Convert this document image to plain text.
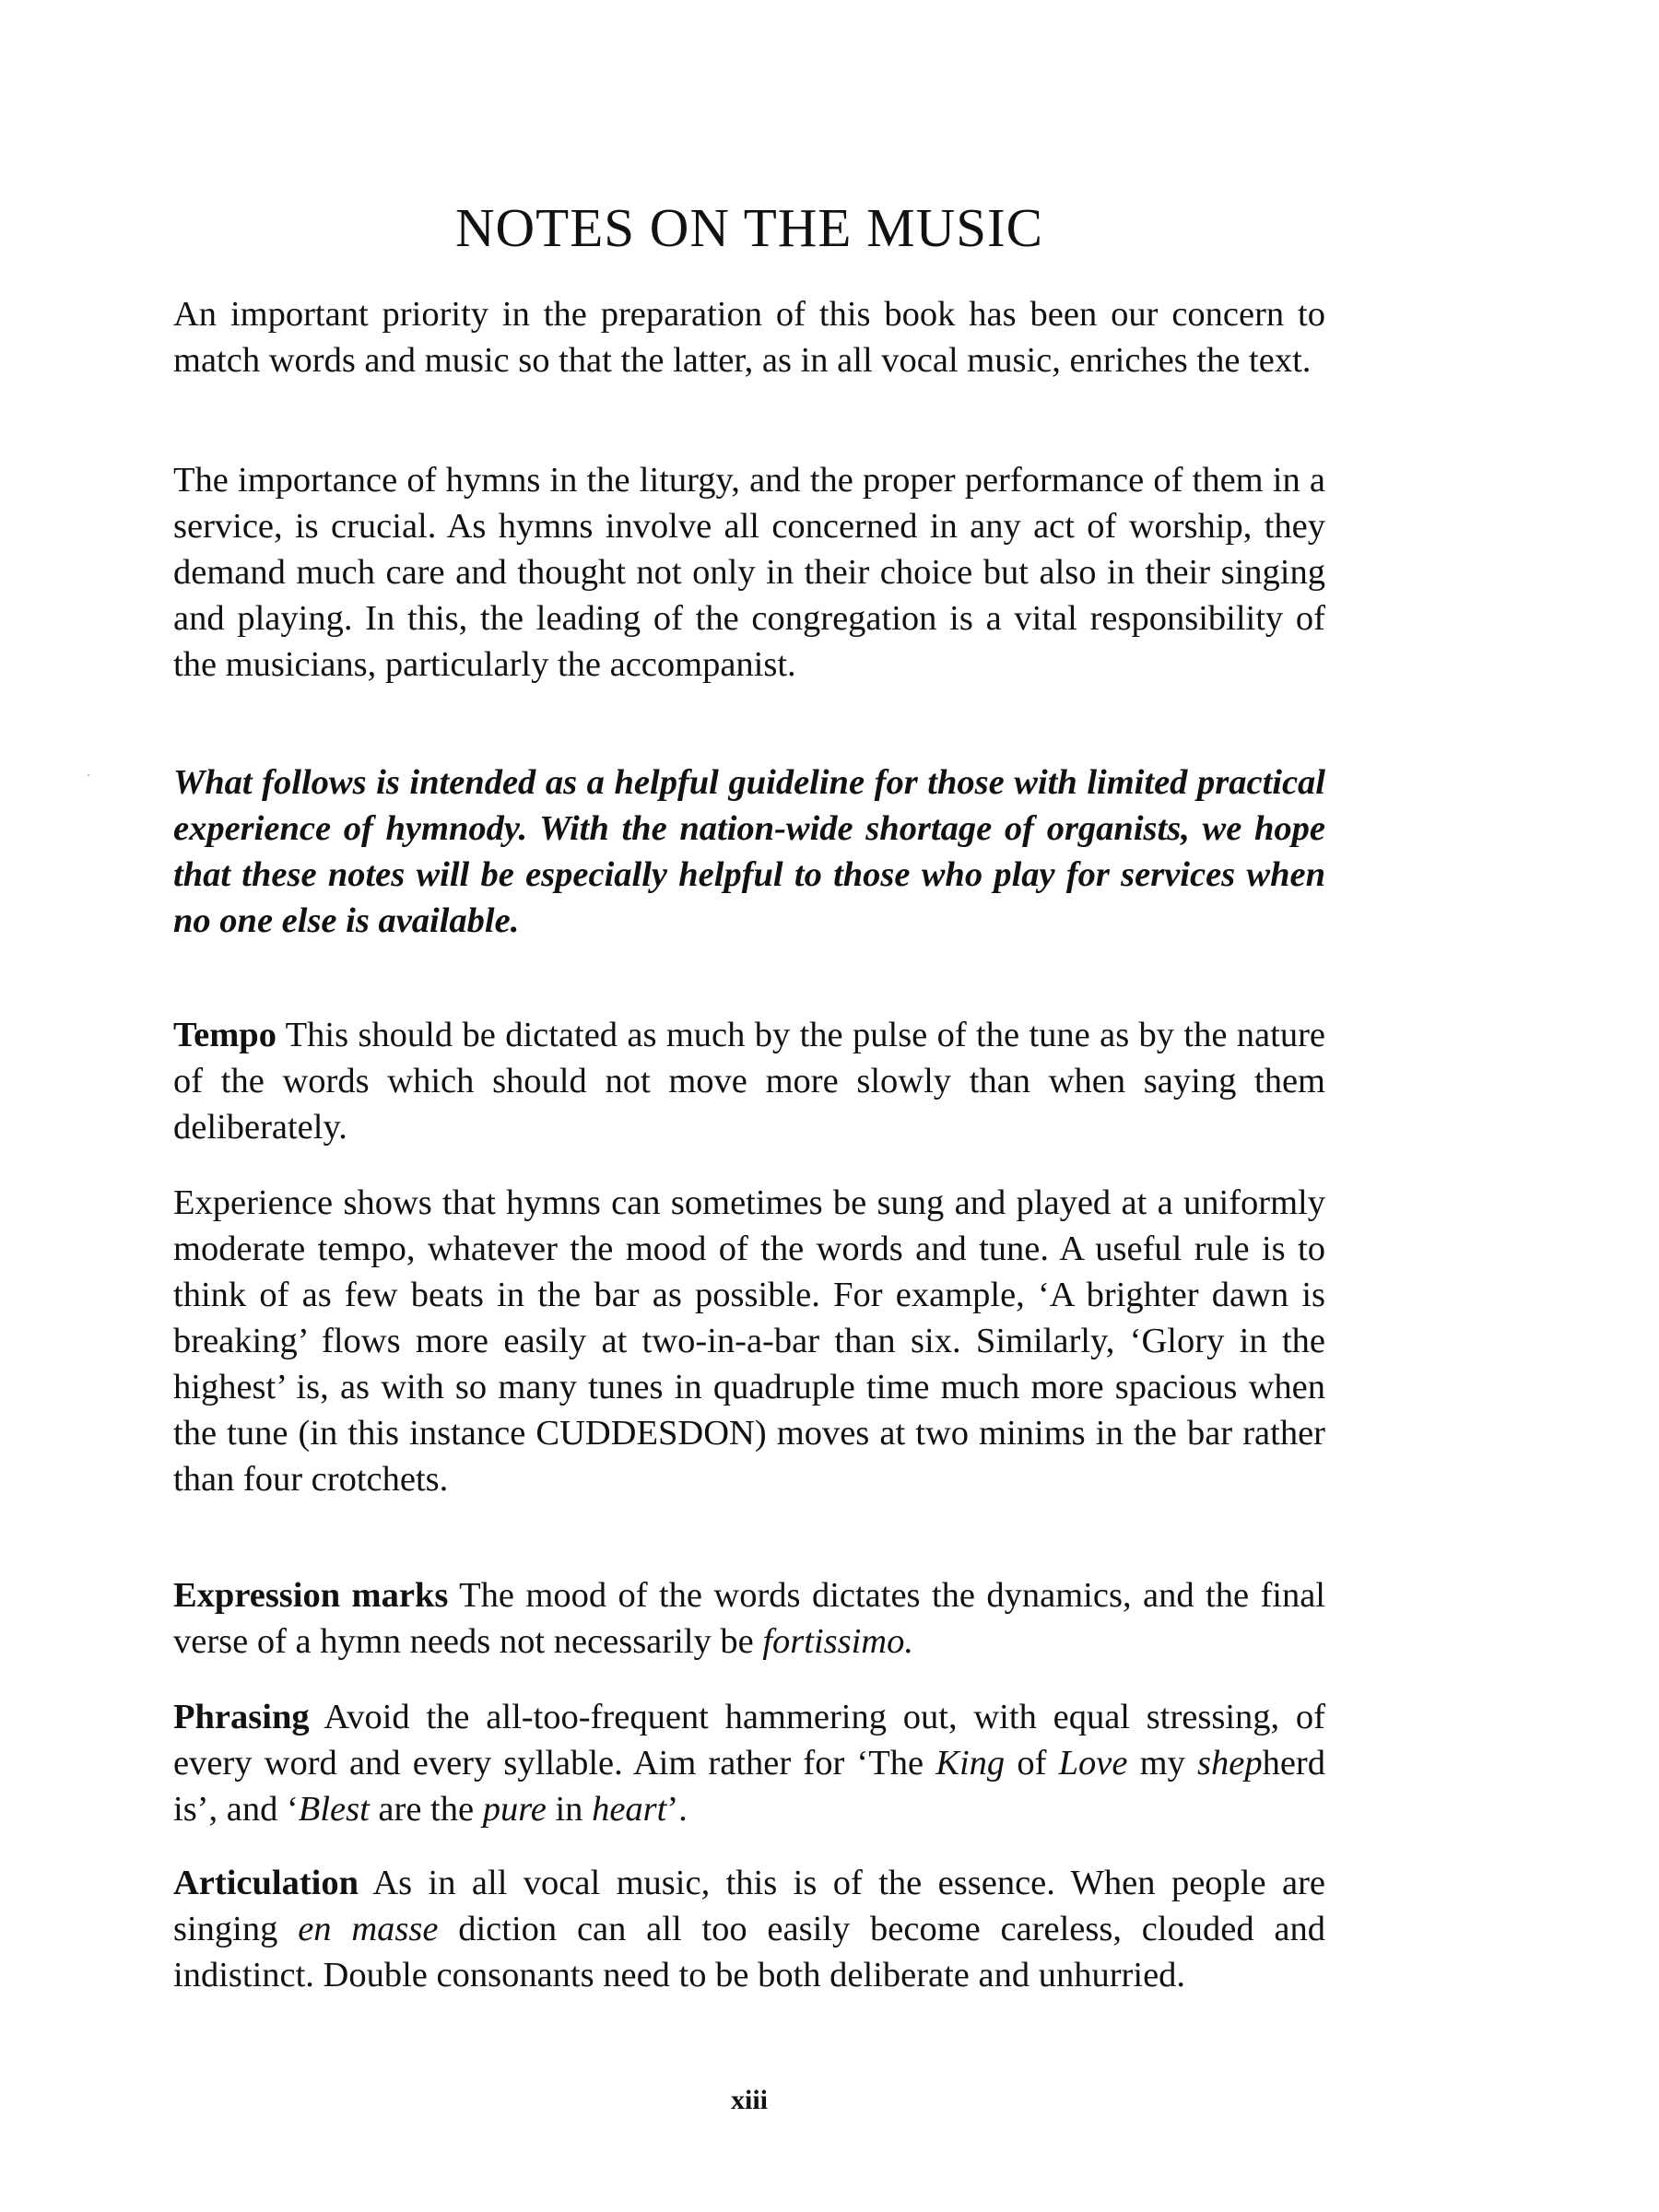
NOTES ON THE MUSIC

An important priority in the preparation of this book has been our concern to match words and music so that the latter, as in all vocal music, enriches the text.

The importance of hymns in the liturgy, and the proper performance of them in a service, is crucial. As hymns involve all concerned in any act of worship, they demand much care and thought not only in their choice but also in their singing and playing. In this, the leading of the congregation is a vital responsibility of the musicians, particularly the accompanist.

What follows is intended as a helpful guideline for those with limited practical experience of hymnody. With the nation-wide shortage of organists, we hope that these notes will be especially helpful to those who play for services when no one else is available.

Tempo This should be dictated as much by the pulse of the tune as by the nature of the words which should not move more slowly than when saying them deliberately.

Experience shows that hymns can sometimes be sung and played at a uniformly moderate tempo, whatever the mood of the words and tune. A useful rule is to think of as few beats in the bar as possible. For example, ‘A brighter dawn is breaking’ flows more easily at two-in-a-bar than six. Similarly, ‘Glory in the highest’ is, as with so many tunes in quadruple time much more spacious when the tune (in this instance CUDDESDON) moves at two minims in the bar rather than four crotchets.

Expression marks The mood of the words dictates the dynamics, and the final verse of a hymn needs not necessarily be fortissimo.

Phrasing Avoid the all-too-frequent hammering out, with equal stressing, of every word and every syllable. Aim rather for ‘The King of Love my shepherd is’, and ‘Blest are the pure in heart’.

Articulation As in all vocal music, this is of the essence. When people are singing en masse diction can all too easily become careless, clouded and indistinct. Double consonants need to be both deliberate and unhurried.

xiii
